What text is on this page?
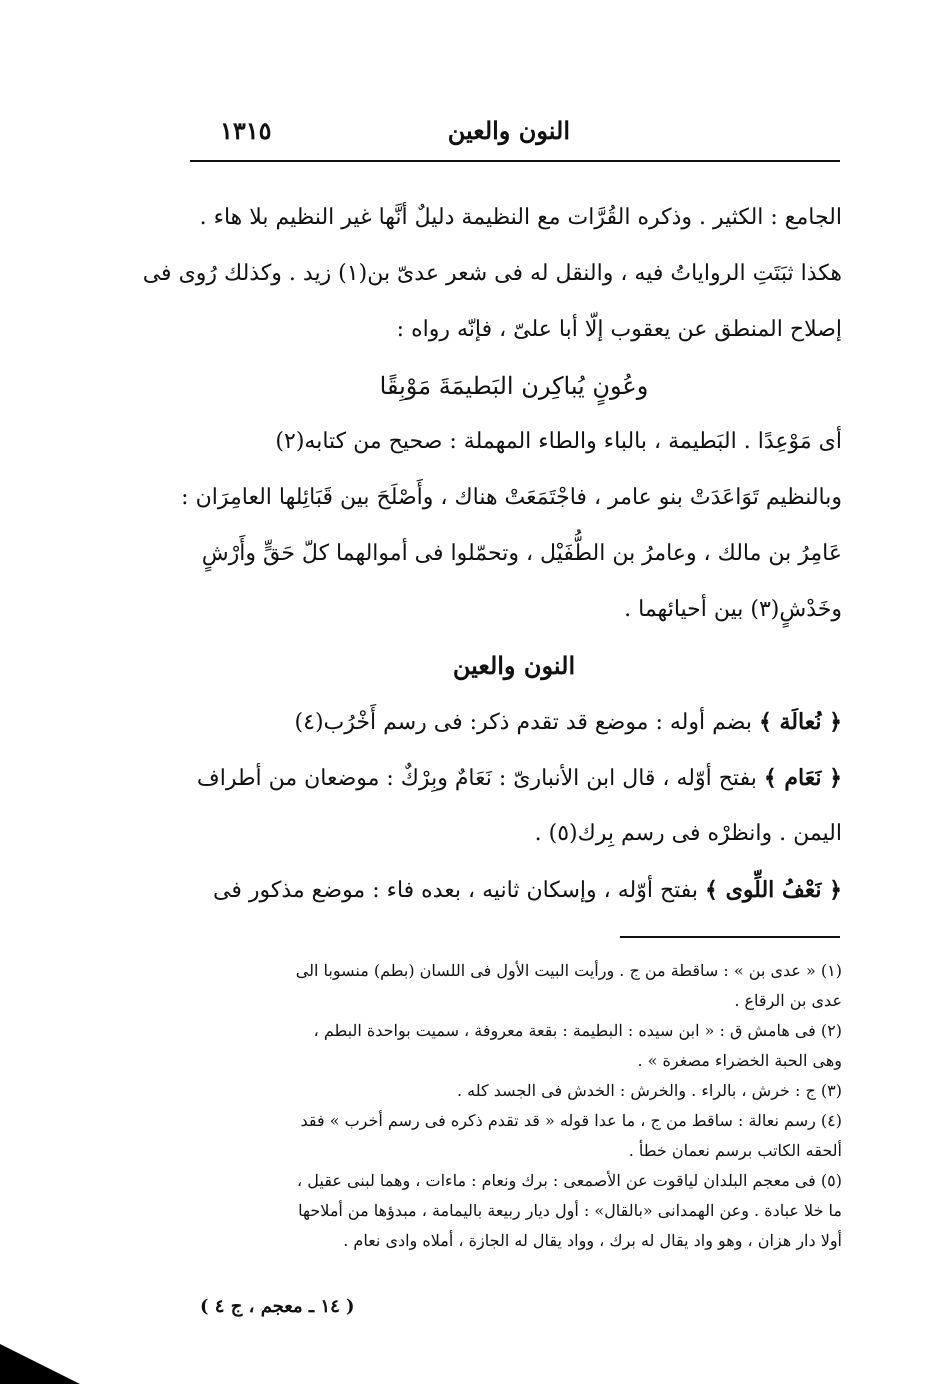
النون والعين
١٣١٥
الجامع : الكثير . وذكره القُرَّات مع النظيمة دليلٌ أنَّها غير النظيم بلا هاء .
هكذا ثبَتَتِ الرواياتُ فيه ، والنقل له فى شعر عدىّ بن(١) زيد . وكذلك رُوى فى
إصلاح المنطق عن يعقوب إلّا أبا علىّ ، فإنّه رواه :
وعُونٍ يُباكِرن البَطيمَةَ مَوْبِقًا
أى مَوْعِدًا . البَطيمة ، بالباء والطاء المهملة : صحيح من كتابه(٢)
وبالنظيم تَوَاعَدَتْ بنو عامر ، فاجْتَمَعَتْ هناك ، وأَصْلَحَ بين قَبَائِلها العامِرَان :
عَامِرُ بن مالك ، وعامرُ بن الطُّفَيْل ، وتحمّلوا فى أموالهما كلّ حَقٍّ وأَرْشٍ
وخَدْشٍ(٣) بين أحيائهما .
النون والعين
﴿ نُعالَة ﴾ بضم أوله : موضع قد تقدم ذكر: فى رسم أَخْرُب(٤)
﴿ نَعَام ﴾ بفتح أوّله ، قال ابن الأنبارىّ : نَعَامٌ وبِرْكٌ : موضعان من أطراف
اليمن . وانظرْه فى رسم بِرك(٥) .
﴿ نَعْفُ اللِّوى ﴾ بفتح أوّله ، وإسكان ثانيه ، بعده فاء : موضع مذكور فى
(١) « عدى بن » : ساقطة من ج . ورأيت البيت الأول فى اللسان (بطم) منسوبا الى
عدى بن الرقاع .
(٢) فى هامش ق : « ابن سيده : البطيمة : بقعة معروفة ، سميت بواحدة البطم ،
وهى الحبة الخضراء مصغرة » .
(٣) ج : خرش ، بالراء . والخرش : الخدش فى الجسد كله .
(٤) رسم نعالة : ساقط من ج ، ما عدا قوله « قد تقدم ذكره فى رسم أخرب » فقد
ألحقه الكاتب برسم نعمان خطأ .
(٥) فى معجم البلدان لياقوت عن الأصمعى : برك ونعام : ماءات ، وهما لبنى عقيل ،
ما خلا عبادة . وعن الهمدانى «بالقال» : أول ديار ربيعة باليمامة ، مبدؤها من أملاحها
أولا دار هزان ، وهو واد يقال له برك ، وواد يقال له الجازة ، أملاه وادى نعام .
( ١٤ ـ معجم ، ج ٤ )
